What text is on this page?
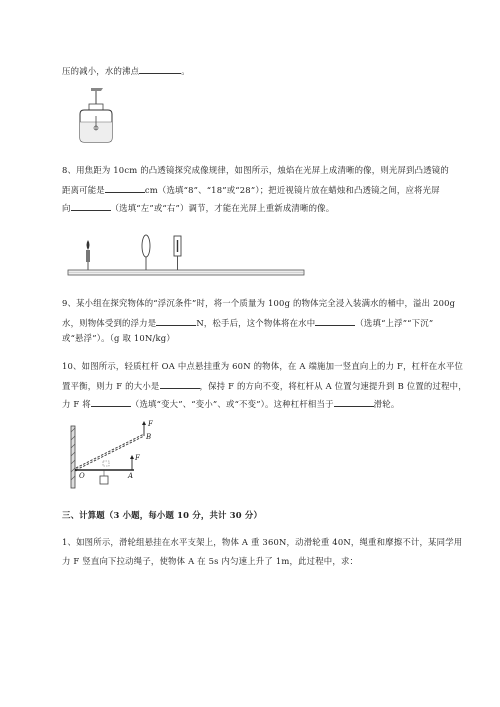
压的减小，水的沸点	。
8、用焦距为 10cm 的凸透镜探究成像规律，如图所示，烛焰在光屏上成清晰的像，则光屏到凸透镜的
距离可能是	cm（选填“8”、“18”或“28”）；把近视镜片放在蜡烛和凸透镜之间，应将光屏
向	（选填“左”或“右”）调节，才能在光屏上重新成清晰的像。
9、某小组在探究物体的“浮沉条件”时，将一个质量为 100g 的物体完全浸入装满水的桶中，溢出 200g
水，则物体受到的浮力是	N，松手后，这个物体将在水中	（选填“上浮”“下沉”
或“悬浮”）。（g 取 10N/kg）
10、如图所示，轻质杠杆 OA 中点悬挂重为 60N 的物体，在 A 端施加一竖直向上的力 F，杠杆在水平位
置平衡，则力 F 的大小是	，保持 F 的方向不变，将杠杆从 A 位置匀速提升到 B 位置的过程中，
力 F 将	（选填“变大”、“变小”、或“不变”）。这种杠杆相当于	滑轮。
F
B
F
O	A
三、计算题（3 小题，每小题 10 分，共计 30 分）
1、如图所示，滑轮组悬挂在水平支架上，物体 A 重 360N，动滑轮重 40N，绳重和摩擦不计，某同学用
力 F 竖直向下拉动绳子，使物体 A 在 5s 内匀速上升了 1m，此过程中，求：
